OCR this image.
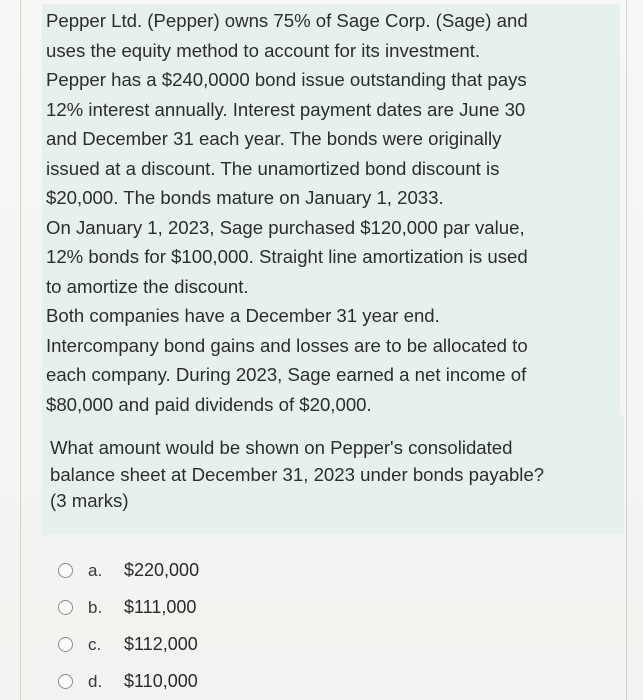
Pepper Ltd. (Pepper) owns 75% of Sage Corp. (Sage) and
uses the equity method to account for its investment.
Pepper has a $240,0000 bond issue outstanding that pays
12% interest annually. Interest payment dates are June 30
and December 31 each year. The bonds were originally
issued at a discount. The unamortized bond discount is
$20,000. The bonds mature on January 1, 2033.
On January 1, 2023, Sage purchased $120,000 par value,
12% bonds for $100,000. Straight line amortization is used
to amortize the discount.
Both companies have a December 31 year end.
Intercompany bond gains and losses are to be allocated to
each company. During 2023, Sage earned a net income of
$80,000 and paid dividends of $20,000.
What amount would be shown on Pepper's consolidated
balance sheet at December 31, 2023 under bonds payable?
(3 marks)
a.	$220,000
b.	$111,000
c.	$112,000
d.	$110,000
